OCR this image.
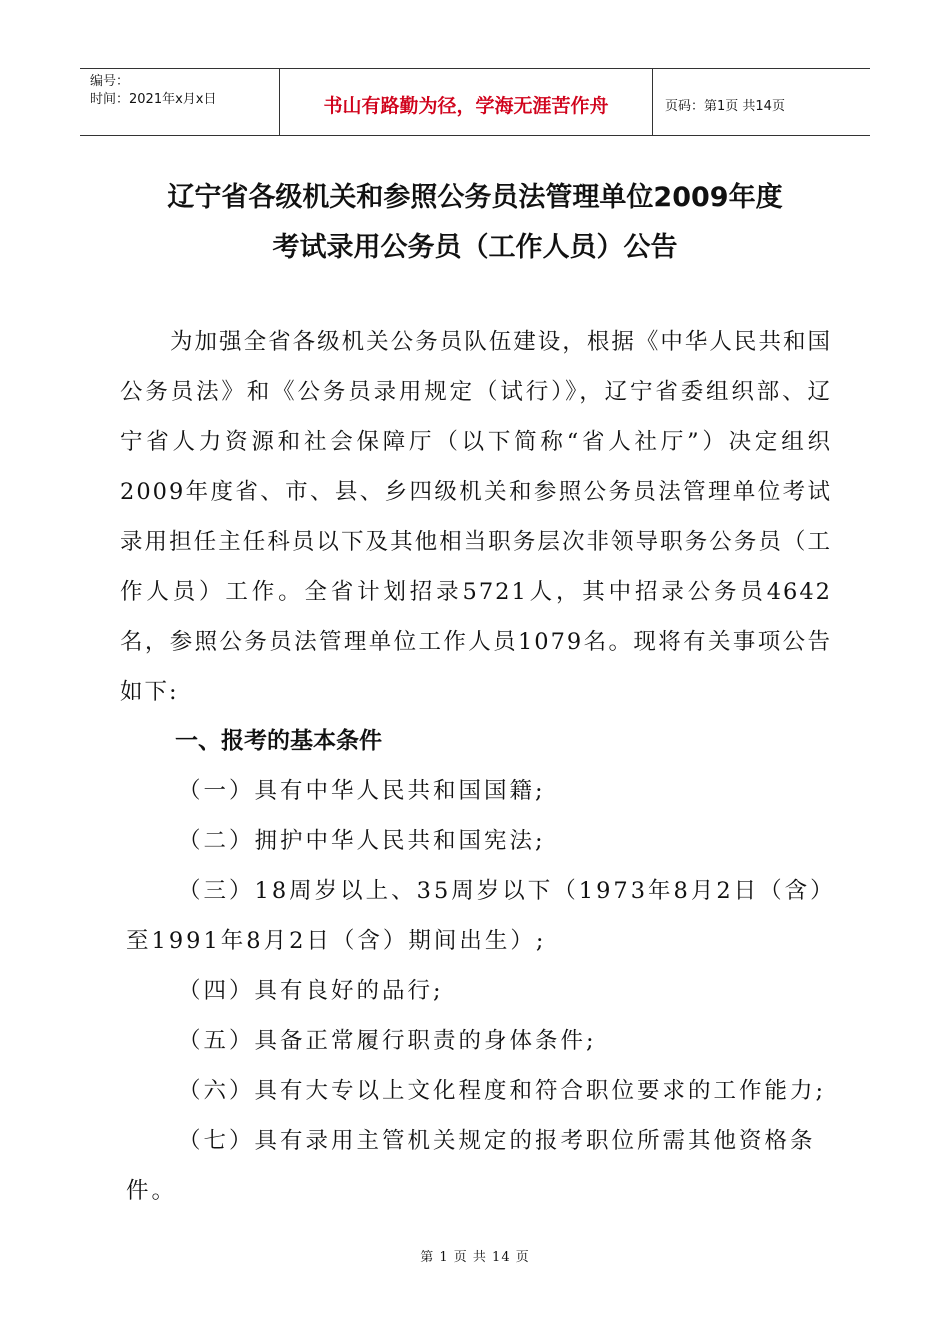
编号：
时间：2021年x月x日	书山有路勤为径，学海无涯苦作舟	页码：第1页 共14页
辽宁省各级机关和参照公务员法管理单位2009年度
考试录用公务员（工作人员）公告
为加强全省各级机关公务员队伍建设，根据《中华人民共和国公务员法》和《公务员录用规定（试行）》，辽宁省委组织部、辽宁省人力资源和社会保障厅（以下简称“省人社厅”）决定组织2009年度省、市、县、乡四级机关和参照公务员法管理单位考试录用担任主任科员以下及其他相当职务层次非领导职务公务员（工作人员）工作。全省计划招录5721人，其中招录公务员4642名，参照公务员法管理单位工作人员1079名。现将有关事项公告如下:
一、报考的基本条件
（一）具有中华人民共和国国籍;
（二）拥护中华人民共和国宪法;
（三）18周岁以上、35周岁以下（1973年8月2日（含）
至1991年8月2日（含）期间出生）;
（四）具有良好的品行;
（五）具备正常履行职责的身体条件;
（六）具有大专以上文化程度和符合职位要求的工作能力;
（七）具有录用主管机关规定的报考职位所需其他资格条
件。
第 1 页 共 14 页
